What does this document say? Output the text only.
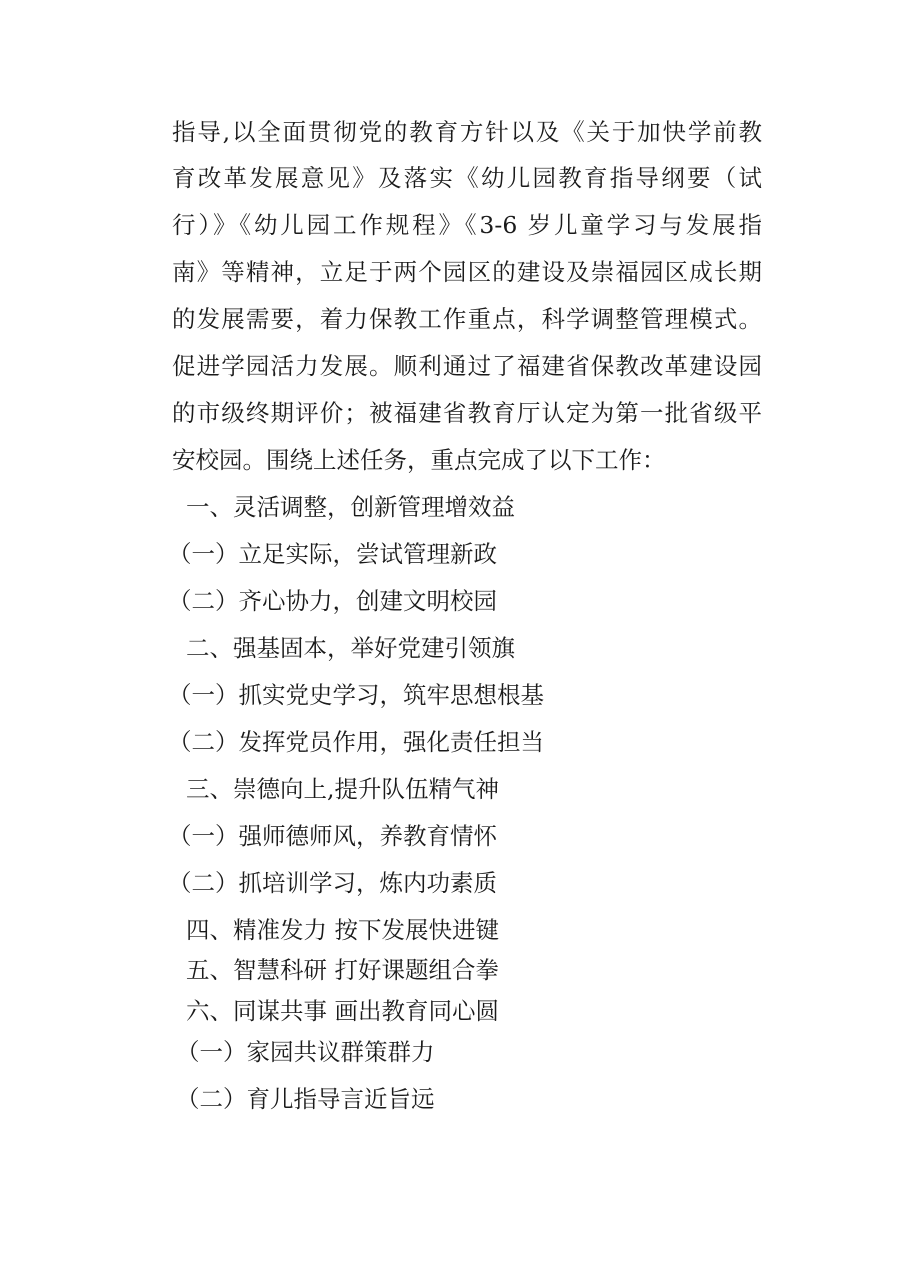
指导,以全面贯彻党的教育方针以及《关于加快学前教
育改革发展意见》及落实《幼儿园教育指导纲要（试
行）》《幼儿园工作规程》《3-6 岁儿童学习与发展指
南》等精神，立足于两个园区的建设及崇福园区成长期
的发展需要，着力保教工作重点，科学调整管理模式。
促进学园活力发展。顺利通过了福建省保教改革建设园
的市级终期评价；被福建省教育厅认定为第一批省级平
安校园。围绕上述任务，重点完成了以下工作：
一、灵活调整，创新管理增效益
（一）立足实际，尝试管理新政
（二）齐心协力，创建文明校园
二、强基固本，举好党建引领旗
（一）抓实党史学习，筑牢思想根基
（二）发挥党员作用，强化责任担当
三、崇德向上,提升队伍精气神
（一）强师德师风，养教育情怀
（二）抓培训学习，炼内功素质
四、精准发力 按下发展快进键
五、智慧科研 打好课题组合拳
六、同谋共事 画出教育同心圆
（一）家园共议群策群力
（二）育儿指导言近旨远
